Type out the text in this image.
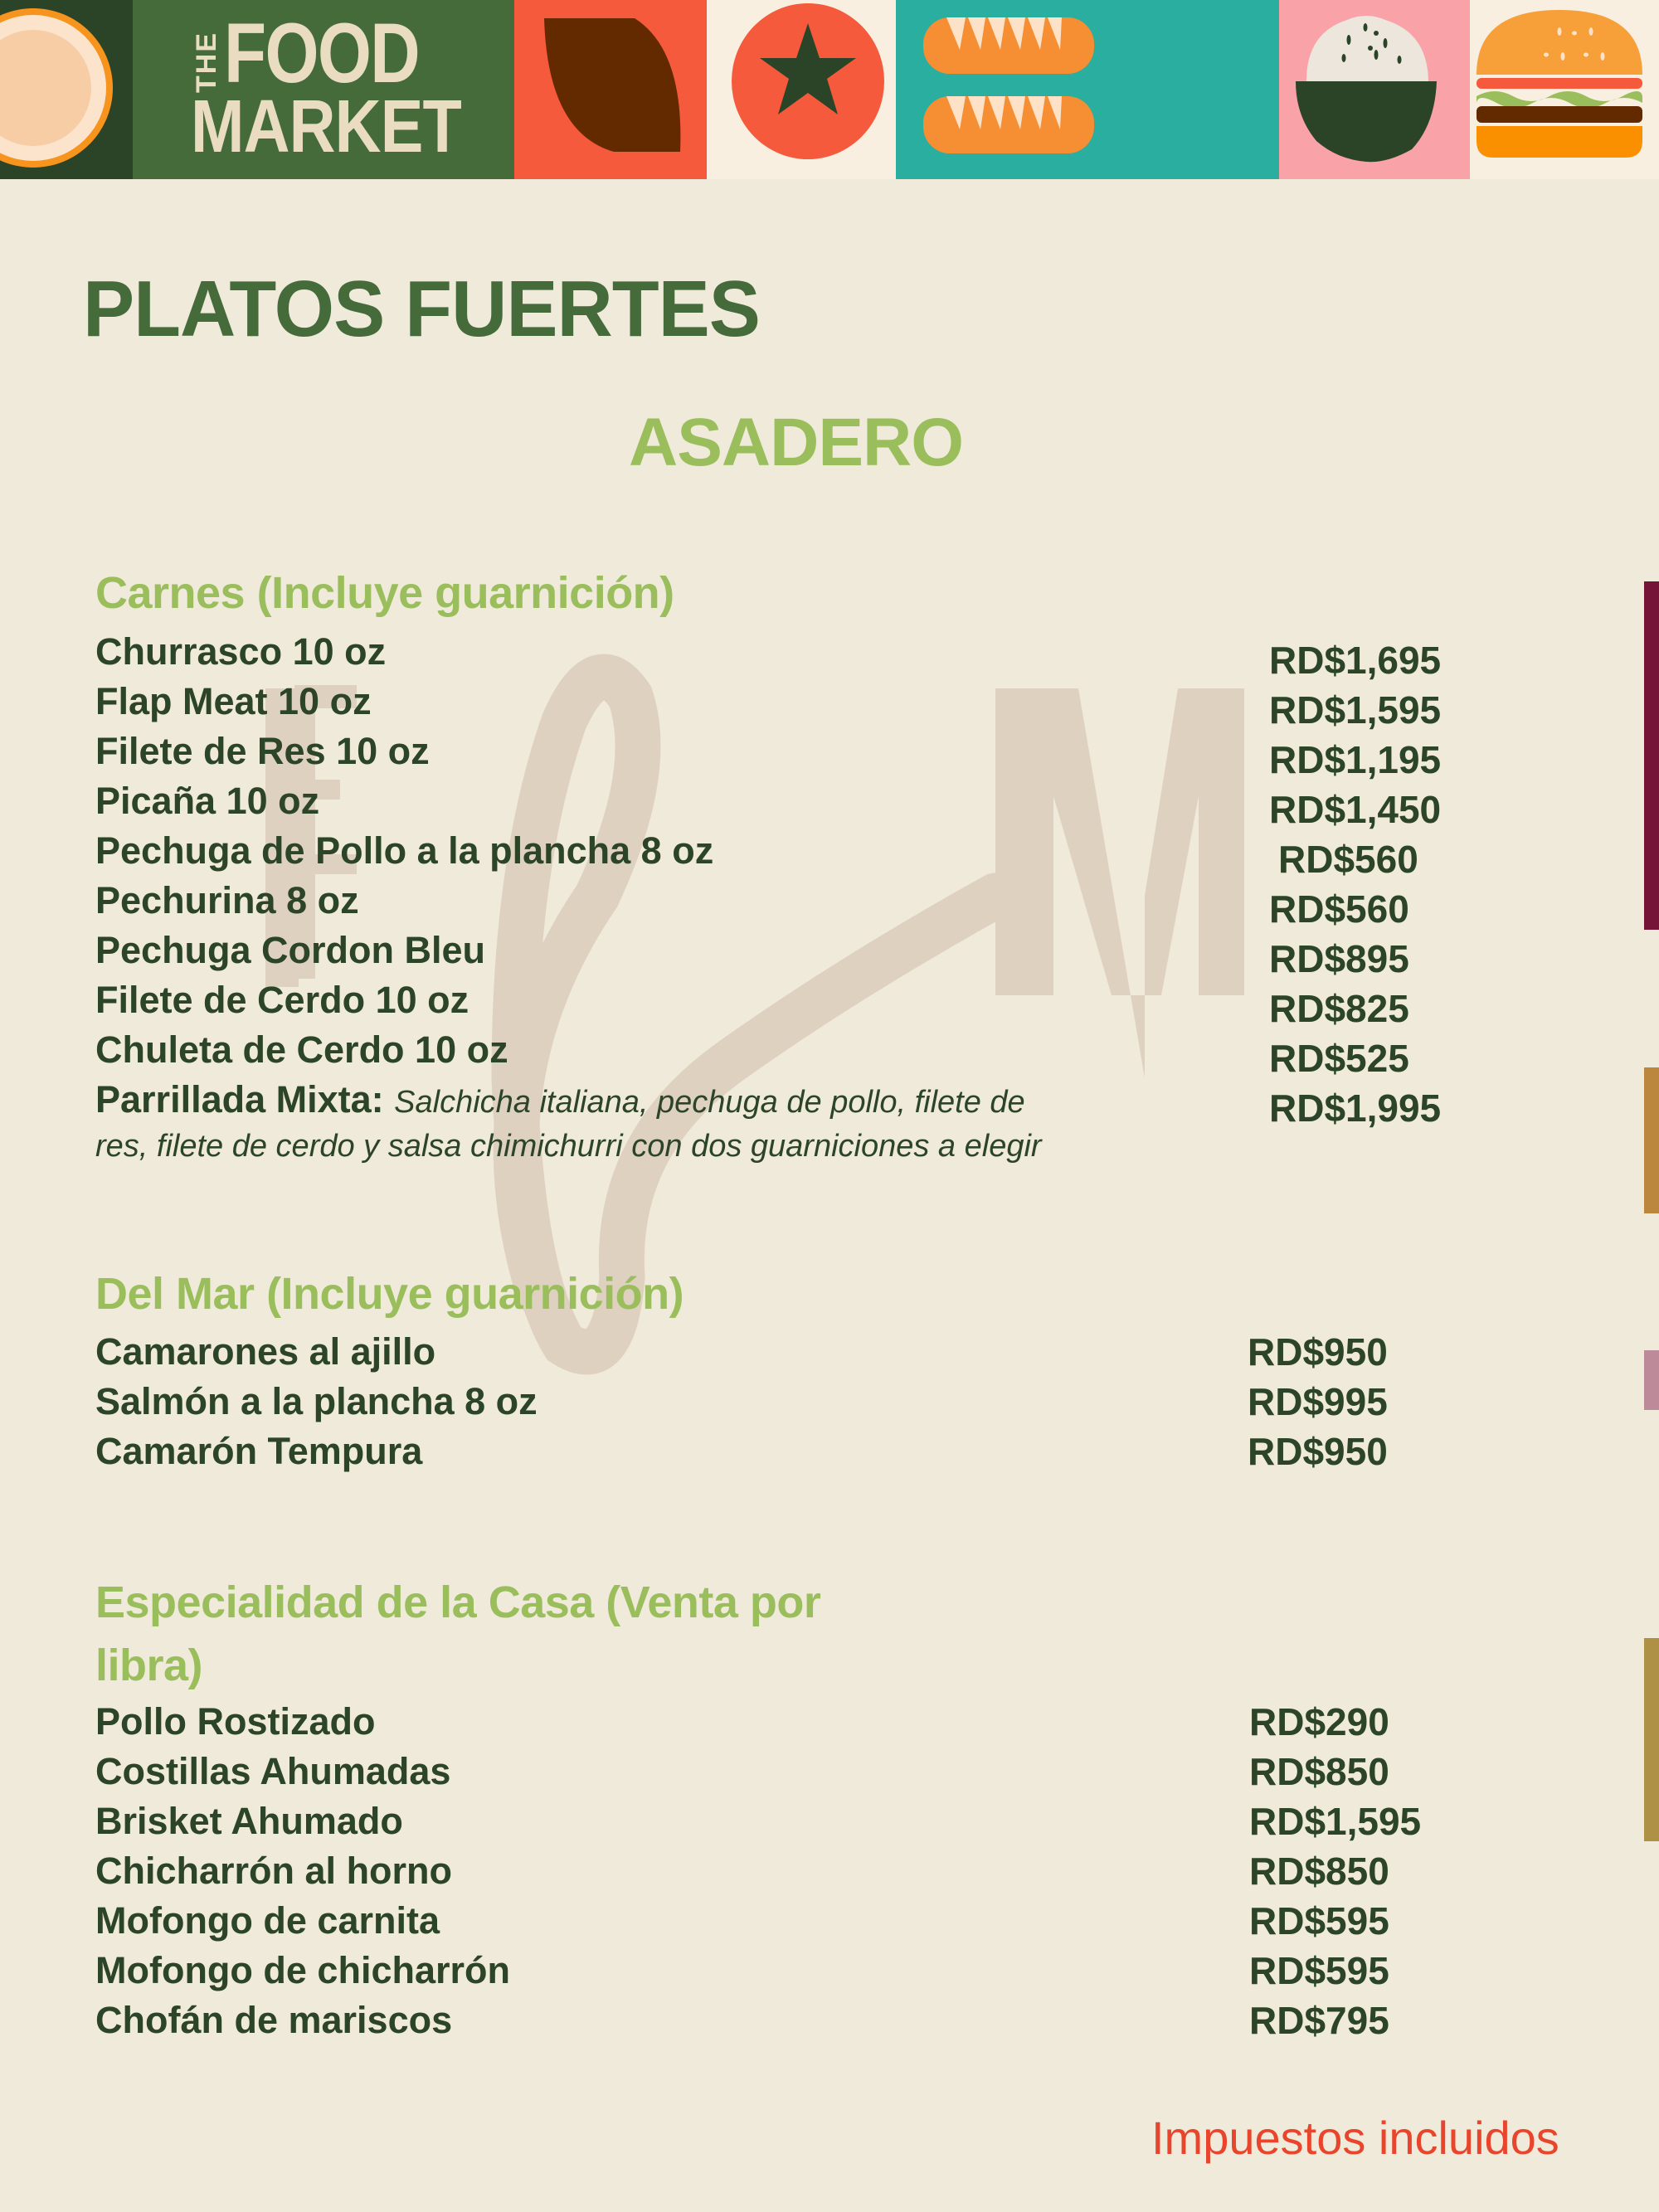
THE FOOD
MARKET
PLATOS FUERTES
ASADERO
Carnes (Incluye guarnición)
Churrasco 10 oz	RD$1,695
Flap Meat 10 oz	RD$1,595
Filete de Res 10 oz	RD$1,195
Picaña 10 oz	RD$1,450
Pechuga de Pollo a la plancha 8 oz	RD$560
Pechurina 8 oz	RD$560
Pechuga Cordon Bleu	RD$895
Filete de Cerdo 10 oz	RD$825
Chuleta de Cerdo 10 oz	RD$525
Parrillada Mixta: Salchicha italiana, pechuga de pollo, filete de
res, filete de cerdo y salsa chimichurri con dos guarniciones a elegir
RD$1,995
Del Mar (Incluye guarnición)
Camarones al ajillo	RD$950
Salmón a la plancha 8 oz	RD$995
Camarón Tempura	RD$950
Especialidad de la Casa (Venta por
libra)
Pollo Rostizado	RD$290
Costillas Ahumadas	RD$850
Brisket Ahumado	RD$1,595
Chicharrón al horno	RD$850
Mofongo de carnita	RD$595
Mofongo de chicharrón	RD$595
Chofán de mariscos	RD$795
Impuestos incluidos
